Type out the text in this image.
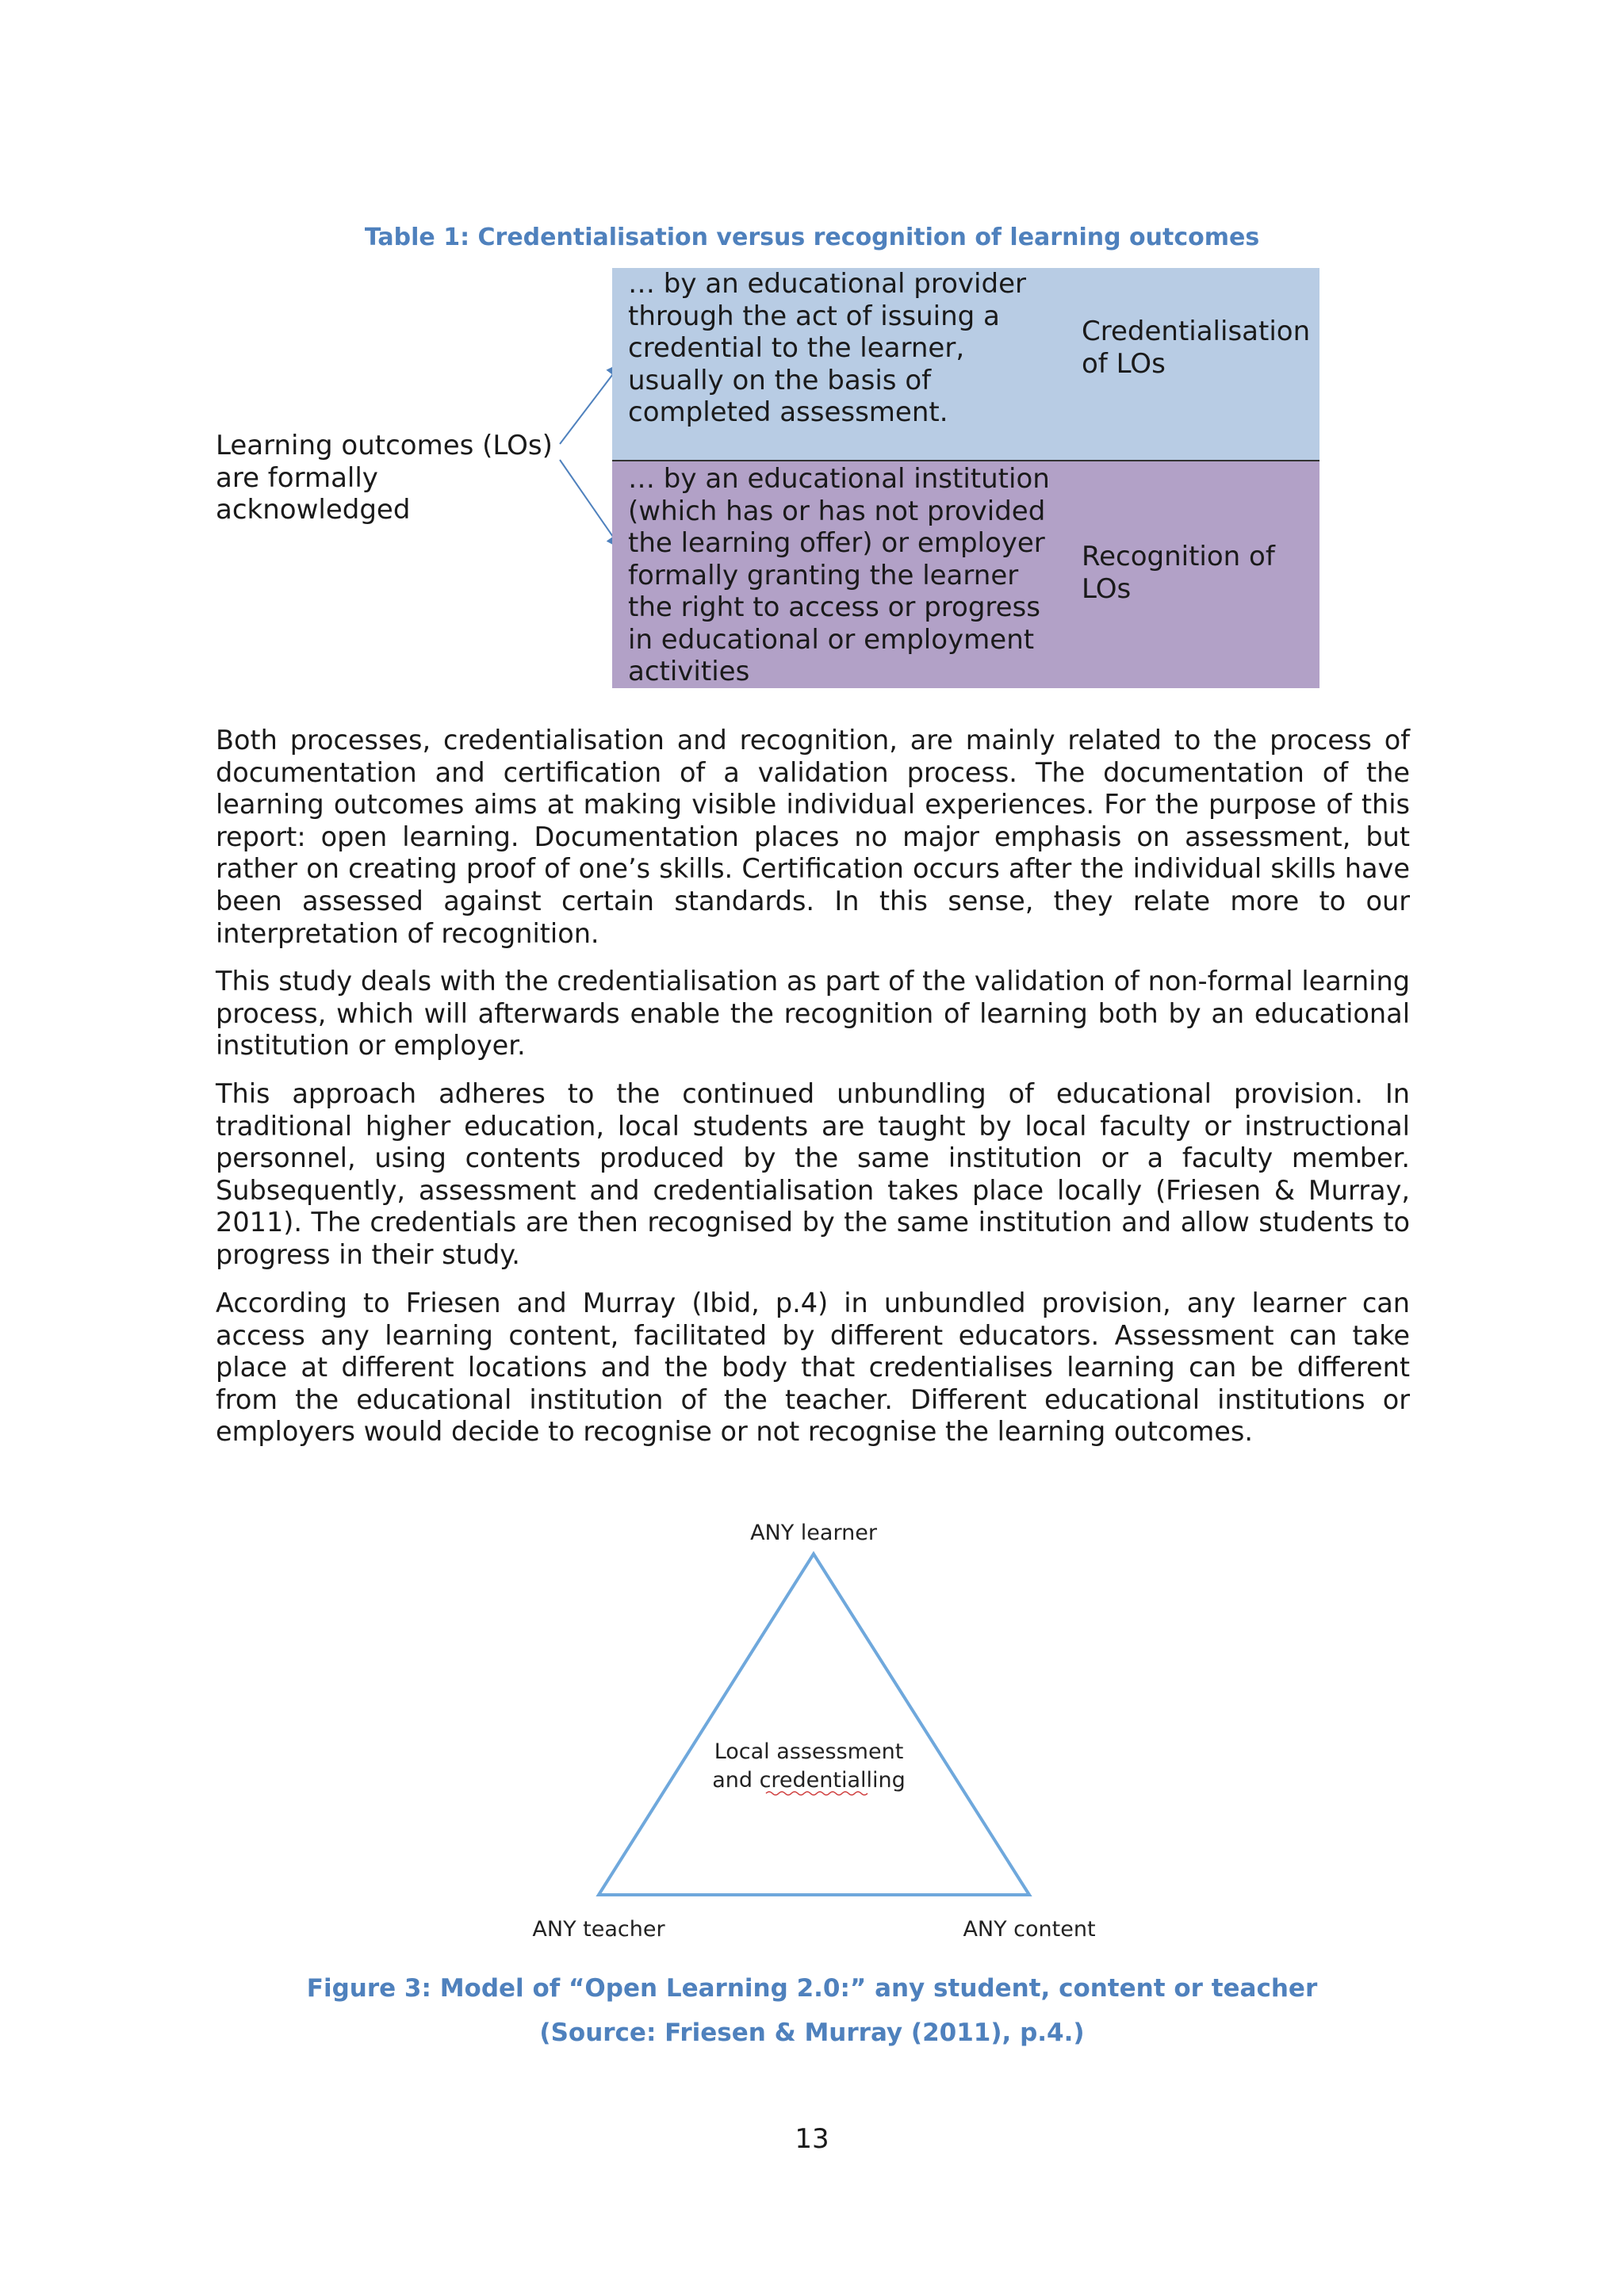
Table 1: Credentialisation versus recognition of learning outcomes
Learning outcomes (LOs) are formally acknowledged
… by an educational provider through the act of issuing a credential to the learner, usually on the basis of completed assessment.
Credentialisation of LOs
… by an educational institution (which has or has not provided the learning offer) or employer formally granting the learner the right to access or progress in educational or employment activities
Recognition of LOs

Both processes, credentialisation and recognition, are mainly related to the process of documentation and certification of a validation process. The documentation of the learning outcomes aims at making visible individual experiences. For the purpose of this report: open learning. Documentation places no major emphasis on assessment, but rather on creating proof of one’s skills. Certification occurs after the individual skills have been assessed against certain standards. In this sense, they relate more to our interpretation of recognition.

This study deals with the credentialisation as part of the validation of non-formal learning process, which will afterwards enable the recognition of learning both by an educational institution or employer.

This approach adheres to the continued unbundling of educational provision. In traditional higher education, local students are taught by local faculty or instructional personnel, using contents produced by the same institution or a faculty member. Subsequently, assessment and credentialisation takes place locally (Friesen & Murray, 2011). The credentials are then recognised by the same institution and allow students to progress in their study.

According to Friesen and Murray (Ibid, p.4) in unbundled provision, any learner can access any learning content, facilitated by different educators. Assessment can take place at different locations and the body that credentialises learning can be different from the educational institution of the teacher. Different educational institutions or employers would decide to recognise or not recognise the learning outcomes.

ANY learner
ANY teacher	ANY content
Local assessment
and credentialling
Figure 3: Model of “Open Learning 2.0:” any student, content or teacher
(Source: Friesen & Murray (2011), p.4.)
13
